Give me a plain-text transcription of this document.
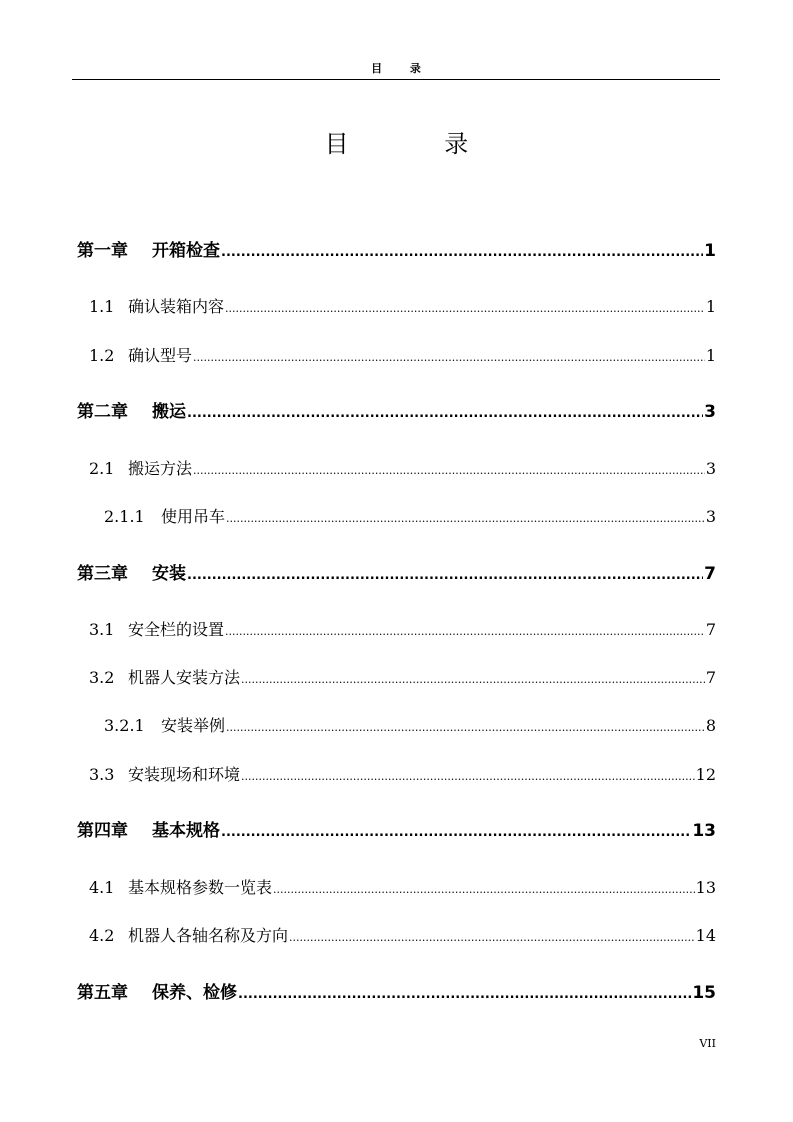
目 录
目 录
第一章	开箱检查 .....	1
1.1 确认装箱内容 .....	1
1.2 确认型号 .....	1
第二章	搬运 .....	3
2.1 搬运方法 .....	3
2.1.1	使用吊车 .....	3
第三章	安装 .....	7
3.1 安全栏的设置 .....	7
3.2 机器人安装方法 .....	7
3.2.1	安装举例 .....	8
3.3 安装现场和环境 .....	12
第四章	基本规格 .....	13
4.1 基本规格参数一览表 .....	13
4.2 机器人各轴名称及方向 .....	14
第五章	保养、检修 .....	15
VII
